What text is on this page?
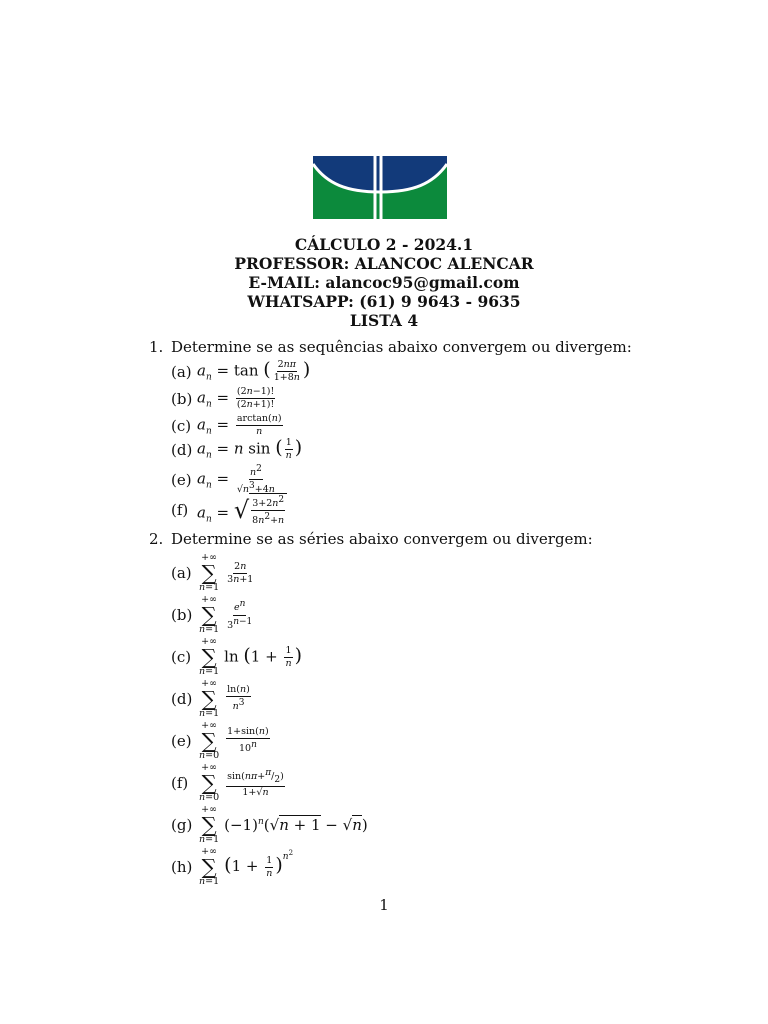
CÁLCULO 2 - 2024.1
PROFESSOR: ALANCOC ALENCAR
E-MAIL: alancoc95@gmail.com
WHATSAPP: (61) 9 9643 - 9635
LISTA 4
1. Determine se as sequências abaixo convergem ou divergem:
(a) $a_n = \tan$ ( $\frac{2n\pi}{1+8n}$ )
(b) $a_n = \frac{(2n-1)!}{(2n+1)!}$
(c) $a_n = \frac{\arctan(n)}{n}$
(d) $a_n = n$ sin ( $\frac{1}{n}$ )
(e) $a_n = \frac{n^2}{√n^3+4n}$
(f) $a_n$ = √ $\frac{3+2n^2}{8n^2+n}$
2. Determine se as séries abaixo convergem ou divergem:
(a)
+∞
∑
n=1
$\frac{2n}{3n+1}$
(b)
+∞
∑
$n=1 \frac{e^n}{3^{n-1}}$
(c)
+∞
∑
n=1
$\ln (1 + \frac{1}{n}$ )
(d)
+∞
∑
n=1
$\frac{\ln(n)}{n^3}$
(e)
+∞
∑
n=0
$\frac{1+\sin(n)}{10^n}$
(f)
+∞
∑
$n=0 \frac{\sin(n\pi+^\pi/_2)}{1+√n}$
(g)
+∞
∑
n=1
$(-1)^n(√n + 1 - √n)$
(h)
+∞
∑
n=1
$(1 + \frac{1}{n} )^{n^2}$
1
